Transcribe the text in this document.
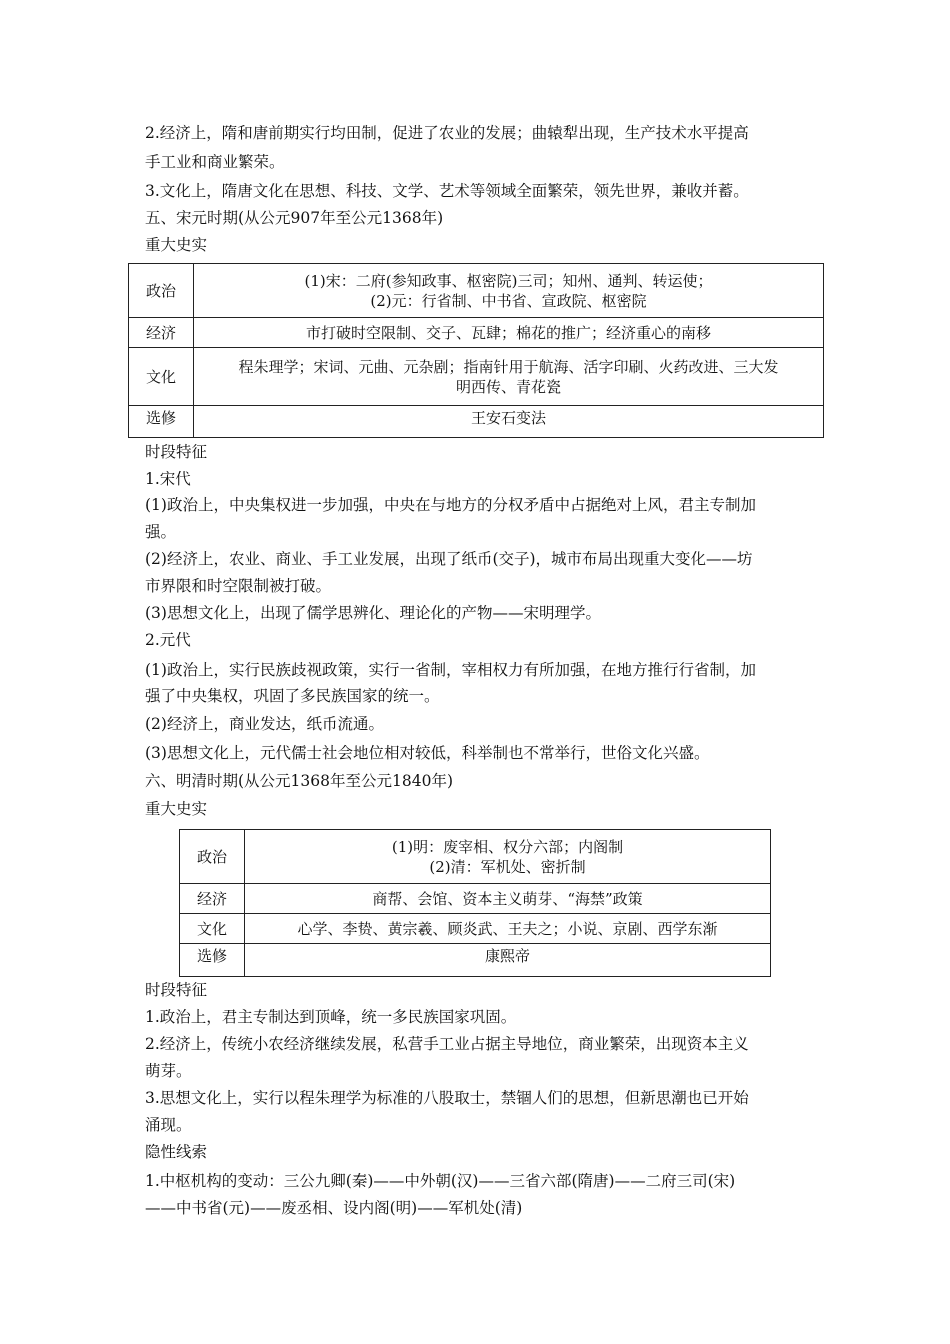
2.经济上，隋和唐前期实行均田制，促进了农业的发展；曲辕犁出现，生产技术水平提高
手工业和商业繁荣。
3.文化上，隋唐文化在思想、科技、文学、艺术等领域全面繁荣，领先世界，兼收并蓄。
五、宋元时期(从公元907年至公元1368年)
重大史实
政治	(1)宋：二府(参知政事、枢密院)三司；知州、通判、转运使；
(2)元：行省制、中书省、宣政院、枢密院

经济	市打破时空限制、交子、瓦肆；棉花的推广；经济重心的南移
文化	程朱理学；宋词、元曲、元杂剧；指南针用于航海、活字印刷、火药改进、三大发
明西传、青花瓷

选修	王安石变法
时段特征
1.宋代
(1)政治上，中央集权进一步加强，中央在与地方的分权矛盾中占据绝对上风，君主专制加
强。
(2)经济上，农业、商业、手工业发展，出现了纸币(交子)，城市布局出现重大变化——坊
市界限和时空限制被打破。
(3)思想文化上，出现了儒学思辨化、理论化的产物——宋明理学。
2.元代
(1)政治上，实行民族歧视政策，实行一省制，宰相权力有所加强，在地方推行行省制，加
强了中央集权，巩固了多民族国家的统一。
(2)经济上，商业发达，纸币流通。
(3)思想文化上，元代儒士社会地位相对较低，科举制也不常举行，世俗文化兴盛。
六、明清时期(从公元1368年至公元1840年)
重大史实
政治	(1)明：废宰相、权分六部；内阁制
(2)清：军机处、密折制

经济	商帮、会馆、资本主义萌芽、“海禁”政策
文化	心学、李贽、黄宗羲、顾炎武、王夫之；小说、京剧、西学东渐
选修	康熙帝
时段特征
1.政治上，君主专制达到顶峰，统一多民族国家巩固。
2.经济上，传统小农经济继续发展，私营手工业占据主导地位，商业繁荣，出现资本主义
萌芽。
3.思想文化上，实行以程朱理学为标准的八股取士，禁锢人们的思想，但新思潮也已开始
涌现。
隐性线索
1.中枢机构的变动：三公九卿(秦)——中外朝(汉)——三省六部(隋唐)——二府三司(宋)
——中书省(元)——废丞相、设内阁(明)——军机处(清)
